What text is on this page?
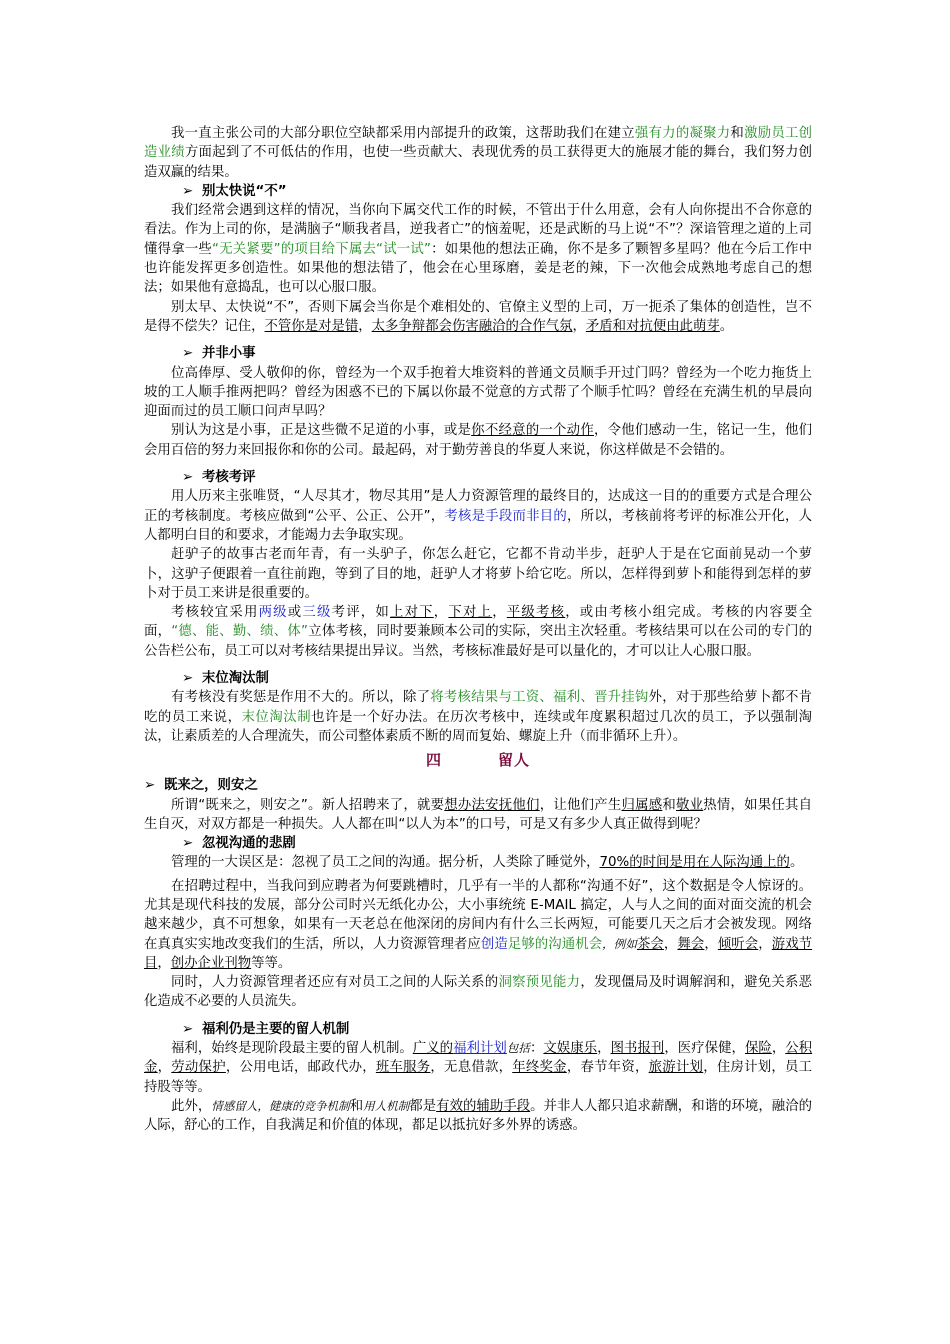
我一直主张公司的大部分职位空缺都采用内部提升的政策，这帮助我们在建立强有力的凝聚力和激励员工创造业绩方面起到了不可低估的作用，也使一些贡献大、表现优秀的员工获得更大的施展才能的舞台，我们努力创造双赢的结果。

➢ 别太快说“不”

我们经常会遇到这样的情况，当你向下属交代工作的时候，不管出于什么用意，会有人向你提出不合你意的看法。作为上司的你，是满脑子“顺我者昌，逆我者亡”的恼羞呢，还是武断的马上说“不”？深谙管理之道的上司懂得拿一些“无关紧要”的项目给下属去“试一试”：如果他的想法正确，你不是多了颗智多星吗？他在今后工作中也许能发挥更多创造性。如果他的想法错了，他会在心里琢磨，姜是老的辣，下一次他会成熟地考虑自己的想法；如果他有意捣乱，也可以心服口服。

别太早、太快说“不”，否则下属会当你是个难相处的、官僚主义型的上司，万一扼杀了集体的创造性，岂不是得不偿失？记住，不管你是对是错，太多争辩都会伤害融洽的合作气氛，矛盾和对抗便由此萌芽。

➢ 并非小事

位高俸厚、受人敬仰的你，曾经为一个双手抱着大堆资料的普通文员顺手开过门吗？曾经为一个吃力拖货上坡的工人顺手推两把吗？曾经为困惑不已的下属以你最不觉意的方式帮了个顺手忙吗？曾经在充满生机的早晨向迎面而过的员工顺口问声早吗？

别认为这是小事，正是这些微不足道的小事，或是你不经意的一个动作，令他们感动一生，铭记一生，他们会用百倍的努力来回报你和你的公司。最起码，对于勤劳善良的华夏人来说，你这样做是不会错的。

➢ 考核考评

用人历来主张唯贤，“人尽其才，物尽其用”是人力资源管理的最终目的，达成这一目的的重要方式是合理公正的考核制度。考核应做到“公平、公正、公开”，考核是手段而非目的，所以，考核前将考评的标准公开化，人人都明白目的和要求，才能竭力去争取实现。

赶驴子的故事古老而年青，有一头驴子，你怎么赶它，它都不肯动半步，赶驴人于是在它面前晃动一个萝卜，这驴子便跟着一直往前跑，等到了目的地，赶驴人才将萝卜给它吃。所以，怎样得到萝卜和能得到怎样的萝卜对于员工来讲是很重要的。

考核较宜采用两级或三级考评，如上对下，下对上，平级考核，或由考核小组完成。考核的内容要全面，“德、能、勤、绩、体”立体考核，同时要兼顾本公司的实际，突出主次轻重。考核结果可以在公司的专门的公告栏公布，员工可以对考核结果提出异议。当然，考核标准最好是可以量化的，才可以让人心服口服。

➢ 末位淘汰制

有考核没有奖惩是作用不大的。所以，除了将考核结果与工资、福利、晋升挂钩外，对于那些给萝卜都不肯吃的员工来说，末位淘汰制也许是一个好办法。在历次考核中，连续或年度累积超过几次的员工，予以强制淘汰，让素质差的人合理流失，而公司整体素质不断的周而复始、螺旋上升（而非循环上升）。

四	留人
➢ 既来之，则安之

所谓“既来之，则安之”。新人招聘来了，就要想办法安抚他们，让他们产生归属感和敬业热情，如果任其自生自灭，对双方都是一种损失。人人都在叫“以人为本”的口号，可是又有多少人真正做得到呢？

➢ 忽视沟通的悲剧

管理的一大误区是：忽视了员工之间的沟通。据分析，人类除了睡觉外，70%的时间是用在人际沟通上的。

在招聘过程中，当我问到应聘者为何要跳槽时，几乎有一半的人都称“沟通不好”，这个数据是令人惊讶的。尤其是现代科技的发展，部分公司时兴无纸化办公，大小事统统 E-MAIL 搞定，人与人之间的面对面交流的机会越来越少，真不可想象，如果有一天老总在他深闭的房间内有什么三长两短，可能要几天之后才会被发现。网络在真真实实地改变我们的生活，所以，人力资源管理者应创造足够的沟通机会，例如茶会，舞会，倾听会，游戏节目，创办企业刊物等等。

同时，人力资源管理者还应有对员工之间的人际关系的洞察预见能力，发现僵局及时调解润和，避免关系恶化造成不必要的人员流失。

➢ 福利仍是主要的留人机制

福利，始终是现阶段最主要的留人机制。广义的福利计划包括：文娱康乐，图书报刊，医疗保健，保险，公积金，劳动保护，公用电话，邮政代办，班车服务，无息借款，年终奖金，春节年资，旅游计划，住房计划，员工持股等等。

此外，情感留人，健康的竞争机制和用人机制都是有效的辅助手段。并非人人都只追求薪酬，和谐的环境，融洽的人际，舒心的工作，自我满足和价值的体现，都足以抵抗好多外界的诱惑。
